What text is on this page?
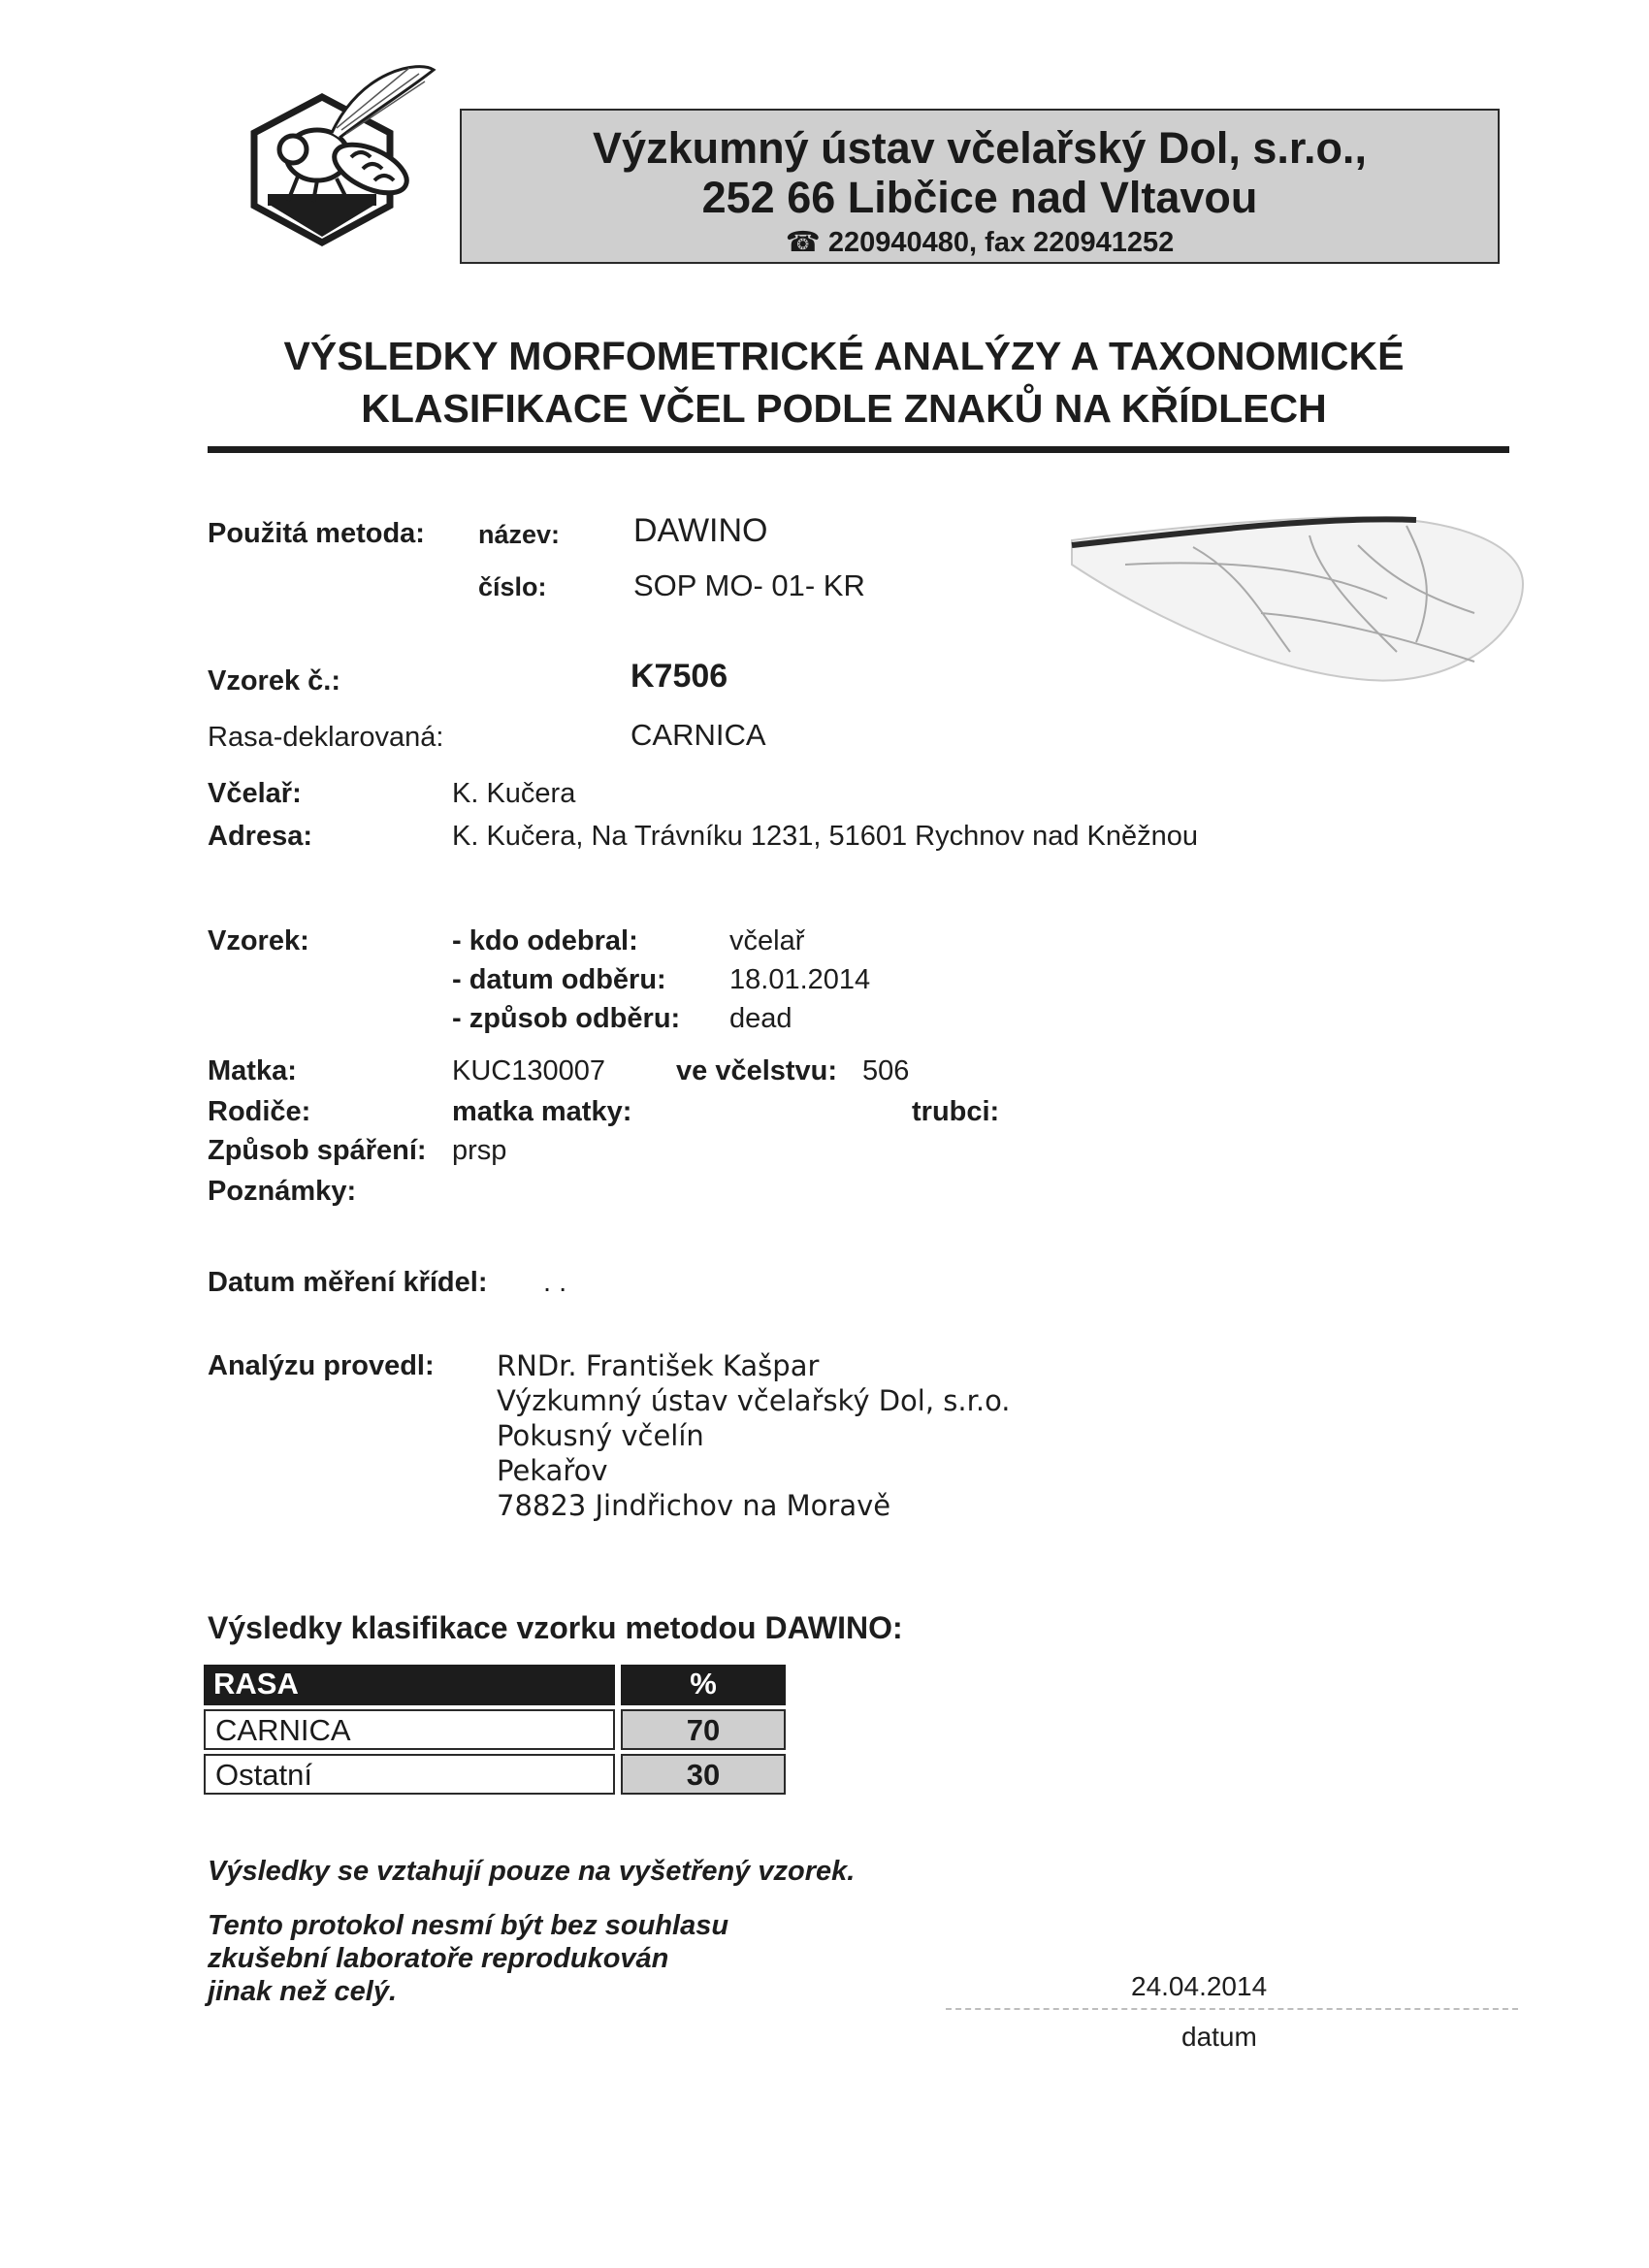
Výzkumný ústav včelařský Dol, s.r.o.,
252 66 Libčice nad Vltavou
☎ 220940480, fax 220941252
VÝSLEDKY MORFOMETRICKÉ ANALÝZY A TAXONOMICKÉ
KLASIFIKACE VČEL PODLE ZNAKŮ NA KŘÍDLECH
Použitá metoda: název: DAWINO
číslo:	SOP MO- 01- KR
Vzorek č.:	K7506
Rasa-deklarovaná:	CARNICA
Včelař:	K. Kučera
Adresa:	K. Kučera, Na Trávníku 1231, 51601 Rychnov nad Kněžnou
Vzorek:	- kdo odebral:	včelař
- datum odběru: 18.01.2014
- způsob odběru: dead
Matka:	KUC130007	ve včelstvu: 506
Rodiče:	matka matky:	trubci:
Způsob spáření: prsp
Poznámky:
Datum měření křídel: . .
Analýzu provedl: RNDr. František Kašpar
Výzkumný ústav včelařský Dol, s.r.o.
Pokusný včelín
Pekařov
78823 Jindřichov na Moravě
Výsledky klasifikace vzorku metodou DAWINO:
RASA	%
CARNICA	70
Ostatní	30
Výsledky se vztahují pouze na vyšetřený vzorek.
Tento protokol nesmí být bez souhlasu
zkušební laboratoře reprodukován
jinak než celý.	24.04.2014
datum
